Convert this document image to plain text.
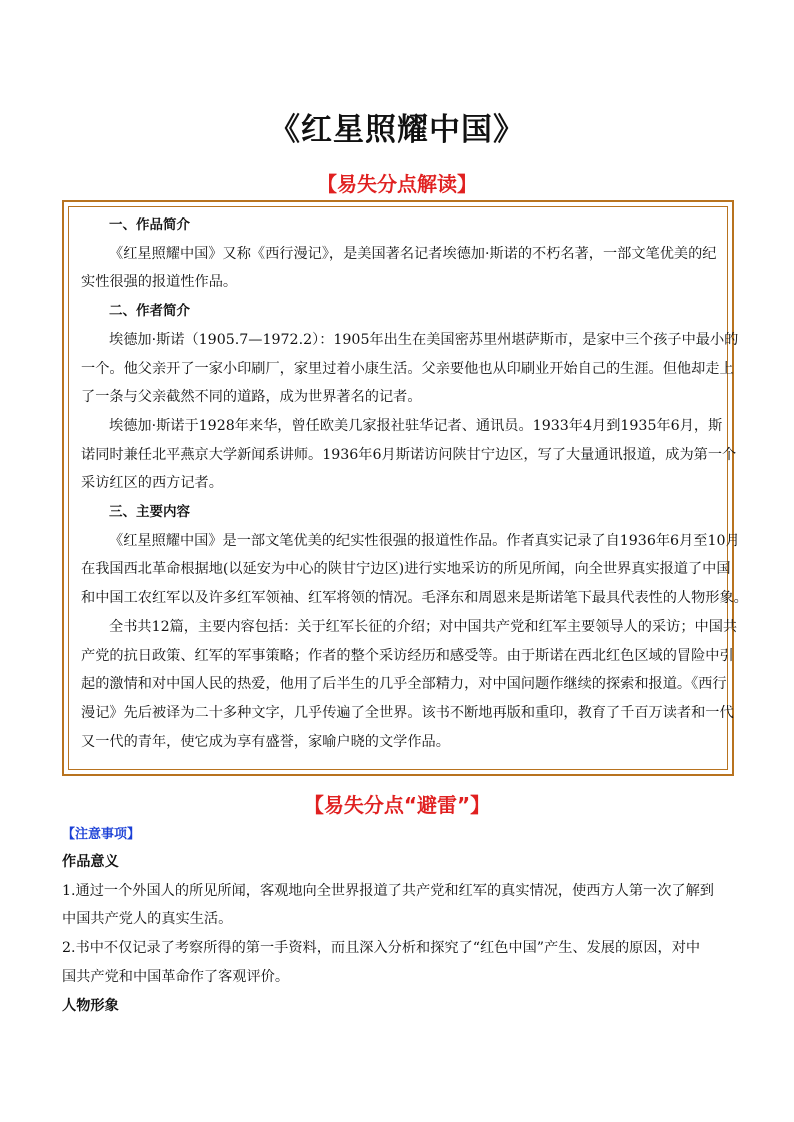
《红星照耀中国》
【易失分点解读】
一、作品简介
《红星照耀中国》又称《西行漫记》，是美国著名记者埃德加·斯诺的不朽名著，一部文笔优美的纪
实性很强的报道性作品。
二、作者简介
埃德加·斯诺（1905.7—1972.2）：1905年出生在美国密苏里州堪萨斯市，是家中三个孩子中最小的
一个。他父亲开了一家小印刷厂，家里过着小康生活。父亲要他也从印刷业开始自己的生涯。但他却走上
了一条与父亲截然不同的道路，成为世界著名的记者。
埃德加·斯诺于1928年来华，曾任欧美几家报社驻华记者、通讯员。1933年4月到1935年6月，斯
诺同时兼任北平燕京大学新闻系讲师。1936年6月斯诺访问陕甘宁边区，写了大量通讯报道，成为第一个
采访红区的西方记者。
三、主要内容
《红星照耀中国》是一部文笔优美的纪实性很强的报道性作品。作者真实记录了自1936年6月至10月
在我国西北革命根据地(以延安为中心的陕甘宁边区)进行实地采访的所见所闻，向全世界真实报道了中国
和中国工农红军以及许多红军领袖、红军将领的情况。毛泽东和周恩来是斯诺笔下最具代表性的人物形象。
全书共12篇，主要内容包括：关于红军长征的介绍；对中国共产党和红军主要领导人的采访；中国共
产党的抗日政策、红军的军事策略；作者的整个采访经历和感受等。由于斯诺在西北红色区域的冒险中引
起的激情和对中国人民的热爱，他用了后半生的几乎全部精力，对中国问题作继续的探索和报道。《西行
漫记》先后被译为二十多种文字，几乎传遍了全世界。该书不断地再版和重印，教育了千百万读者和一代
又一代的青年，使它成为享有盛誉，家喻户晓的文学作品。
【易失分点“避雷”】
【注意事项】
作品意义
1.通过一个外国人的所见所闻，客观地向全世界报道了共产党和红军的真实情况，使西方人第一次了解到
中国共产党人的真实生活。
2.书中不仅记录了考察所得的第一手资料，而且深入分析和探究了“红色中国”产生、发展的原因，对中
国共产党和中国革命作了客观评价。
人物形象
